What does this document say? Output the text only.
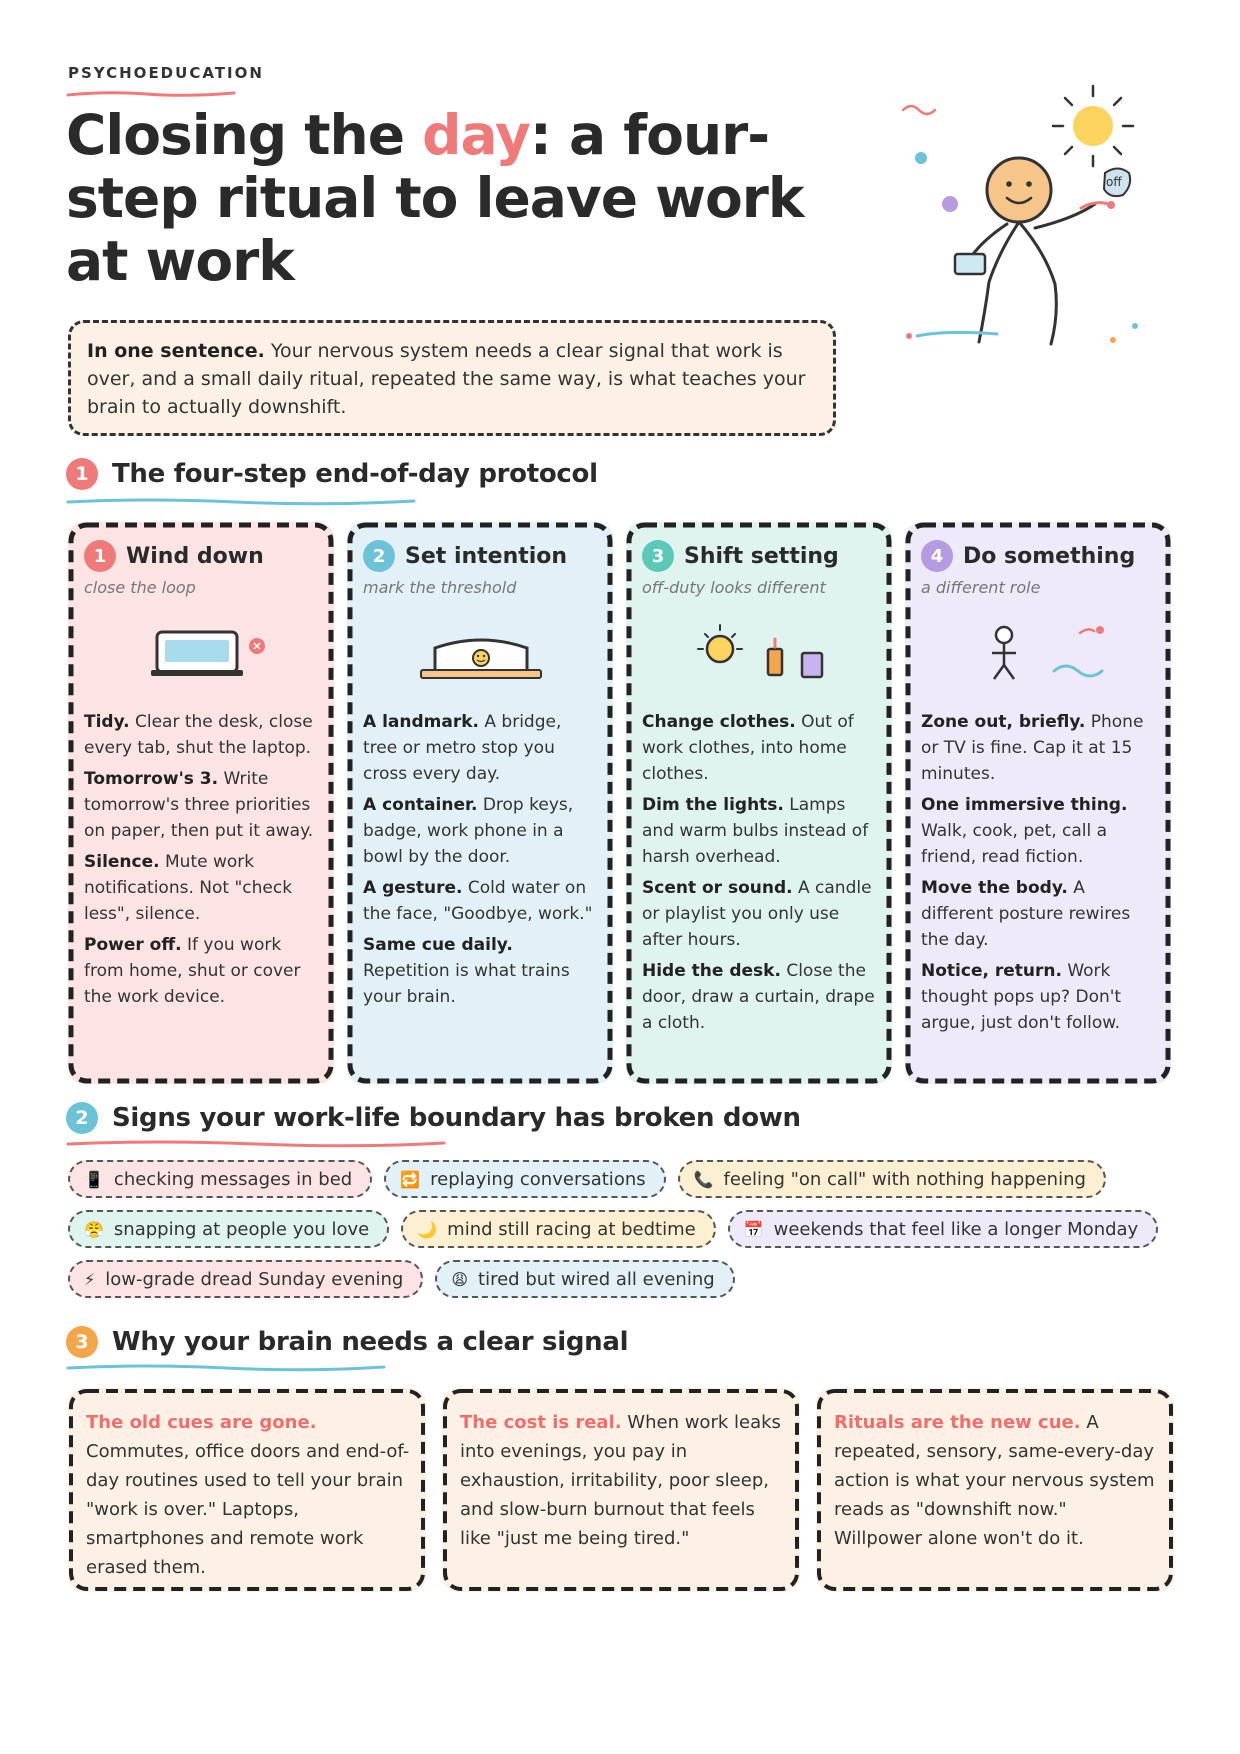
PSYCHOEDUCATION
Closing the day: a four-step ritual to leave work at work
off
In one sentence. Your nervous system needs a clear signal that work is over, and a small daily ritual, repeated the same way, is what teaches your brain to actually downshift.
1 The four-step end-of-day protocol
1 Wind down
close the loop

Tidy. Clear the desk, close every tab, shut the laptop.

Tomorrow's 3. Write tomorrow's three priorities on paper, then put it away.

Silence. Mute work notifications. Not "check less", silence.

Power off. If you work from home, shut or cover the work device.

2 Set intention
mark the threshold

A landmark. A bridge, tree or metro stop you cross every day.

A container. Drop keys, badge, work phone in a bowl by the door.

A gesture. Cold water on the face, "Goodbye, work."

Same cue daily. Repetition is what trains your brain.

3 Shift setting
off-duty looks different

Change clothes. Out of work clothes, into home clothes.

Dim the lights. Lamps and warm bulbs instead of harsh overhead.

Scent or sound. A candle or playlist you only use after hours.

Hide the desk. Close the door, draw a curtain, drape a cloth.

4 Do something
a different role

Zone out, briefly. Phone or TV is fine. Cap it at 15 minutes.

One immersive thing. Walk, cook, pet, call a friend, read fiction.

Move the body. A different posture rewires the day.

Notice, return. Work thought pops up? Don't argue, just don't follow.

2 Signs your work-life boundary has broken down
📱 checking messages in bed	🔁 replaying conversations	📞 feeling "on call" with nothing happening
😤 snapping at people you love	🌙 mind still racing at bedtime	📅 weekends that feel like a longer Monday
⚡ low-grade dread Sunday evening	😩 tired but wired all evening
3 Why your brain needs a clear signal

The old cues are gone. Commutes, office doors and end-of-day routines used to tell your brain "work is over." Laptops, smartphones and remote work erased them.

The cost is real. When work leaks into evenings, you pay in exhaustion, irritability, poor sleep, and slow-burn burnout that feels like "just me being tired."

Rituals are the new cue. A repeated, sensory, same-every-day action is what your nervous system reads as "downshift now." Willpower alone won't do it.
